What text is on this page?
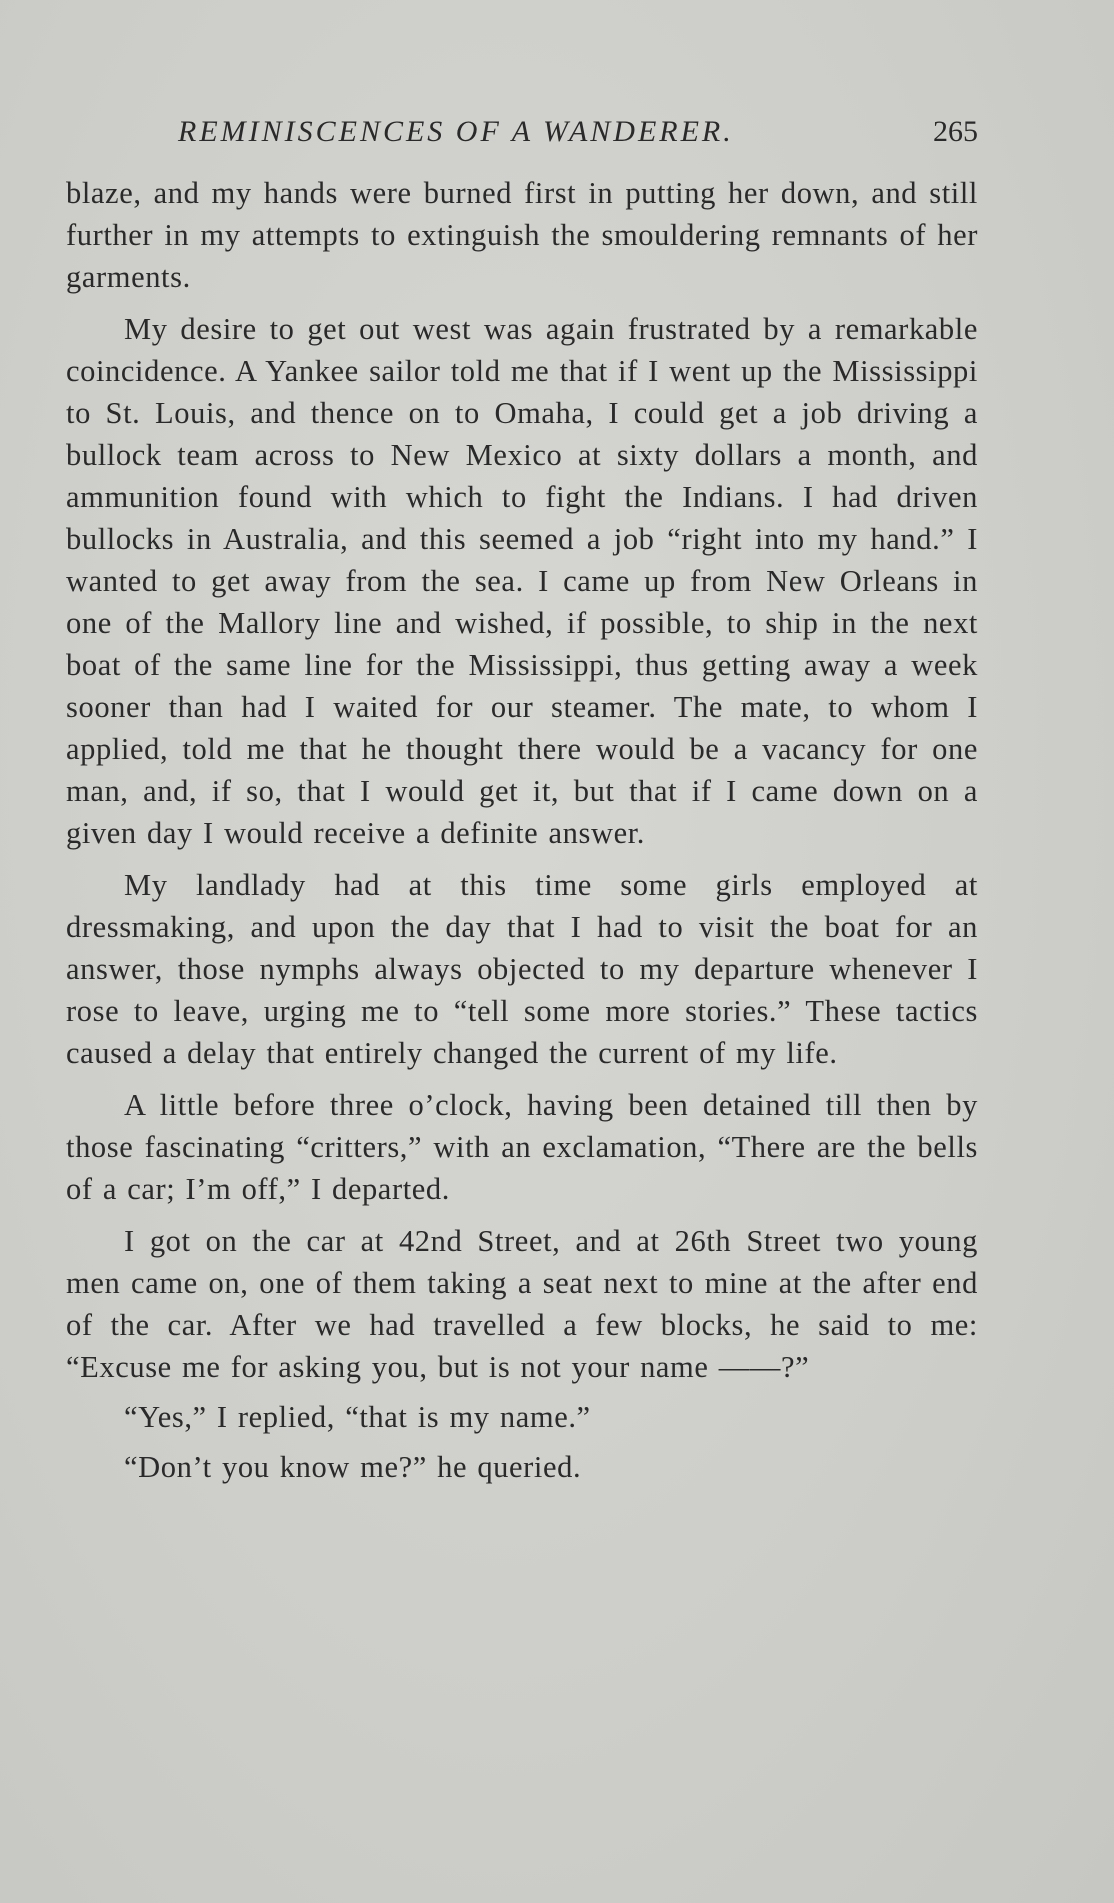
REMINISCENCES OF A WANDERER.	265

blaze, and my hands were burned first in putting her down, and still further in my attempts to extinguish the smouldering remnants of her garments.

My desire to get out west was again frustrated by a remarkable coincidence. A Yankee sailor told me that if I went up the Mississippi to St. Louis, and thence on to Omaha, I could get a job driving a bullock team across to New Mexico at sixty dollars a month, and ammunition found with which to fight the Indians. I had driven bullocks in Australia, and this seemed a job “right into my hand.” I wanted to get away from the sea. I came up from New Orleans in one of the Mallory line and wished, if possible, to ship in the next boat of the same line for the Mississippi, thus getting away a week sooner than had I waited for our steamer. The mate, to whom I applied, told me that he thought there would be a vacancy for one man, and, if so, that I would get it, but that if I came down on a given day I would receive a definite answer.

My landlady had at this time some girls employed at dressmaking, and upon the day that I had to visit the boat for an answer, those nymphs always objected to my departure whenever I rose to leave, urging me to “tell some more stories.” These tactics caused a delay that entirely changed the current of my life.

A little before three o’clock, having been detained till then by those fascinating “critters,” with an exclamation, “There are the bells of a car; I’m off,” I departed.

I got on the car at 42nd Street, and at 26th Street two young men came on, one of them taking a seat next to mine at the after end of the car. After we had travelled a few blocks, he said to me: “Excuse me for asking you, but is not your name ——?”

“Yes,” I replied, “that is my name.”

“Don’t you know me?” he queried.
